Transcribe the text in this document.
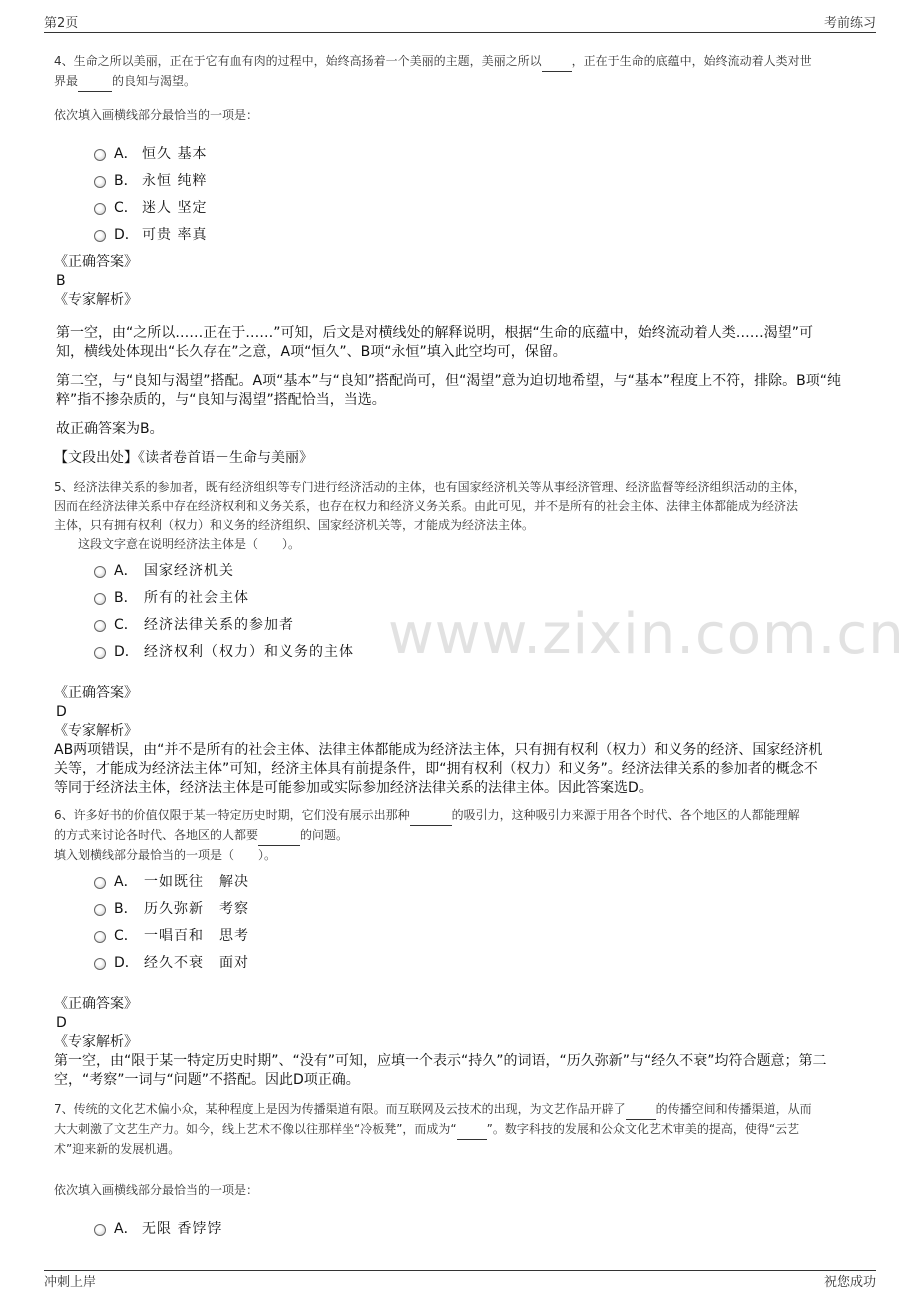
第2页	考前练习
www.zixin.com.cn
4、生命之所以美丽，正在于它有血有肉的过程中，始终高扬着一个美丽的主题，美丽之所以	，正在于生命的底蕴中，始终流动着人类对世
界最	的良知与渴望。
依次填入画横线部分最恰当的一项是：
A． 恒久 基本
B． 永恒 纯粹
C． 迷人 坚定
D． 可贵 率真
《正确答案》
B
《专家解析》
第一空，由“之所以……正在于……”可知，后文是对横线处的解释说明，根据“生命的底蕴中，始终流动着人类……渴望”可
知，横线处体现出“长久存在”之意，A项“恒久”、B项“永恒”填入此空均可，保留。
第二空，与“良知与渴望”搭配。A项“基本”与“良知”搭配尚可，但“渴望”意为迫切地希望，与“基本”程度上不符，排除。B项“纯
粹”指不掺杂质的，与“良知与渴望”搭配恰当，当选。
故正确答案为B。
【文段出处】《读者卷首语－生命与美丽》
5、经济法律关系的参加者，既有经济组织等专门进行经济活动的主体，也有国家经济机关等从事经济管理、经济监督等经济组织活动的主体，
因而在经济法律关系中存在经济权利和义务关系，也存在权力和经济义务关系。由此可见，并不是所有的社会主体、法律主体都能成为经济法
主体，只有拥有权利（权力）和义务的经济组织、国家经济机关等，才能成为经济法主体。
这段文字意在说明经济法主体是（　　）。
A． 国家经济机关
B． 所有的社会主体
C． 经济法律关系的参加者
D． 经济权利（权力）和义务的主体
《正确答案》
D
《专家解析》
AB两项错误，由“并不是所有的社会主体、法律主体都能成为经济法主体，只有拥有权利（权力）和义务的经济、国家经济机
关等，才能成为经济法主体”可知，经济主体具有前提条件，即“拥有权利（权力）和义务”。经济法律关系的参加者的概念不
等同于经济法主体，经济法主体是可能参加或实际参加经济法律关系的法律主体。因此答案选D。
6、许多好书的价值仅限于某一特定历史时期，它们没有展示出那种	的吸引力，这种吸引力来源于用各个时代、各个地区的人都能理解
的方式来讨论各时代、各地区的人都要	的问题。
填入划横线部分最恰当的一项是（　　）。
A． 一如既往　解决
B． 历久弥新　考察
C． 一唱百和　思考
D． 经久不衰　面对
《正确答案》
D
《专家解析》
第一空，由“限于某一特定历史时期”、“没有”可知，应填一个表示“持久”的词语，“历久弥新”与“经久不衰”均符合题意；第二
空，“考察”一词与“问题”不搭配。因此D项正确。
7、传统的文化艺术偏小众，某种程度上是因为传播渠道有限。而互联网及云技术的出现，为文艺作品开辟了	的传播空间和传播渠道，从而
大大刺激了文艺生产力。如今，线上艺术不像以往那样坐“冷板凳”，而成为“	”。数字科技的发展和公众文化艺术审美的提高，使得“云艺
术”迎来新的发展机遇。
依次填入画横线部分最恰当的一项是：
A． 无限 香饽饽
冲刺上岸	祝您成功
